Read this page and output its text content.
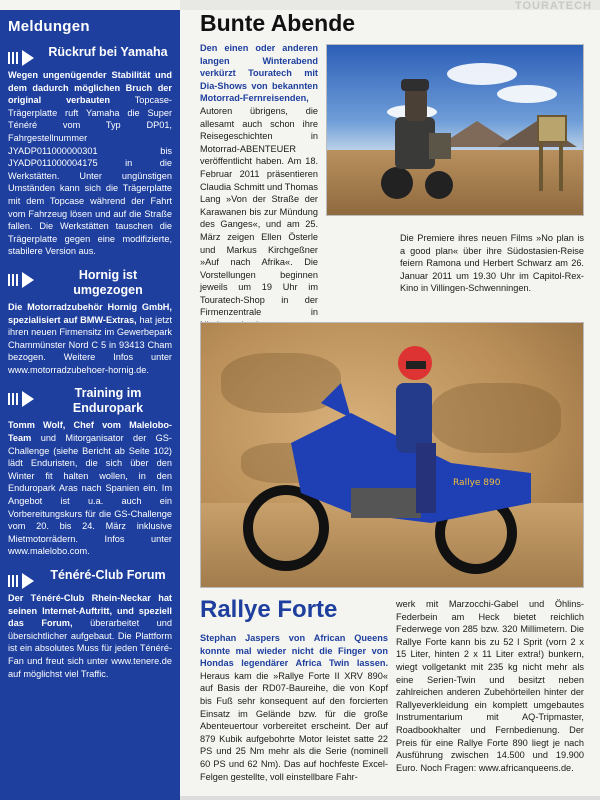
Meldungen
Rückruf bei Yamaha

Wegen ungenügender Stabilität und dem dadurch möglichen Bruch der original verbauten Topcase-Trägerplatte ruft Yamaha die Super Ténéré vom Typ DP01, Fahrgestellnummer JYADP011000000301 bis JYADP011000004175 in die Werkstätten. Unter ungünstigen Umständen kann sich die Trägerplatte mit dem Topcase während der Fahrt vom Fahrzeug lösen und auf die Straße fallen. Die Werkstätten tauschen die Trägerplatte gegen eine modifizierte, stabilere Version aus.

Hornig ist umgezogen

Die Motorradzubehör Hornig GmbH, spezialisiert auf BMW-Extras, hat jetzt ihren neuen Firmensitz im Gewerbepark Chammünster Nord C 5 in 93413 Cham bezogen. Weitere Infos unter www.motorradzubehoer-hornig.de.

Training im Enduropark

Tomm Wolf, Chef vom Malelobo-Team und Mitorganisator der GS-Challenge (siehe Bericht ab Seite 102) lädt Enduristen, die sich über den Winter fit halten wollen, in den Enduropark Aras nach Spanien ein. Im Angebot ist u.a. auch ein Vorbereitungskurs für die GS-Challenge vom 20. bis 24. März inklusive Mietmotorrädern. Infos unter www.malelobo.com.

Ténéré-Club Forum

Der Ténéré-Club Rhein-Neckar hat seinen Internet-Auftritt, und speziell das Forum, überarbeitet und übersichtlicher aufgebaut. Die Plattform ist ein absolutes Muss für jeden Ténéré-Fan und freut sich unter www.tenere.de auf möglichst viel Traffic.

TOURATECH
Bunte Abende
Den einen oder anderen langen Winterabend verkürzt Touratech mit Dia-Shows von bekannten Motorrad-Fernreisenden, Autoren übrigens, die allesamt auch schon ihre Reisegeschichten in Motorrad-ABENTEUER veröffentlicht haben. Am 18. Februar 2011 präsentieren Claudia Schmitt und Thomas Lang »Von der Straße der Karawanen bis zur Mündung des Ganges«, und am 25. März zeigen Ellen Österle und Markus Kirchgeßner »Auf nach Afrika«. Die Vorstellungen beginnen jeweils um 19 Uhr im Touratech-Shop in der Firmenzentrale in
Die Premiere ihres neuen Films »No plan is a good plan« über ihre Südostasien-Reise feiern Ramona und Herbert Schwarz am 26. Januar 2011 um 19.30 Uhr im Capitol-Rex-Kino in Villingen-Schwenningen.
Rallye 890
Rallye Forte
Stephan Jaspers von African Queens konnte mal wieder nicht die Finger von Hondas legendärer Africa Twin lassen. Heraus kam die »Rallye Forte II XRV 890« auf Basis der RD07-Baureihe, die von Kopf bis Fuß sehr konsequent auf den forcierten Einsatz im Gelände bzw. für die große Abenteuertour vorbereitet erscheint. Der auf 879 Kubik aufgebohrte Motor leistet satte 22 PS und 25 Nm mehr als die Serie (nominell 60 PS und 62 Nm). Das auf hochfeste Excel-Felgen gestellte, voll einstellbare Fahr-
werk mit Marzocchi-Gabel und Öhlins-Federbein am Heck bietet reichlich Federwege von 285 bzw. 320 Millimetern. Die Rallye Forte kann bis zu 52 l Sprit (vorn 2 x 15 Liter, hinten 2 x 11 Liter extra!) bunkern, wiegt vollgetankt mit 235 kg nicht mehr als eine Serien-Twin und besitzt neben zahlreichen anderen Zubehörteilen hinter der Rallyeverkleidung ein komplett umgebautes Instrumentarium mit AQ-Tripmaster, Roadbookhalter und Fernbedienung. Der Preis für eine Rallye Forte 890 liegt je nach Ausführung zwischen 14.500 und 19.900 Euro. Noch Fragen: www.africanqueens.de.
